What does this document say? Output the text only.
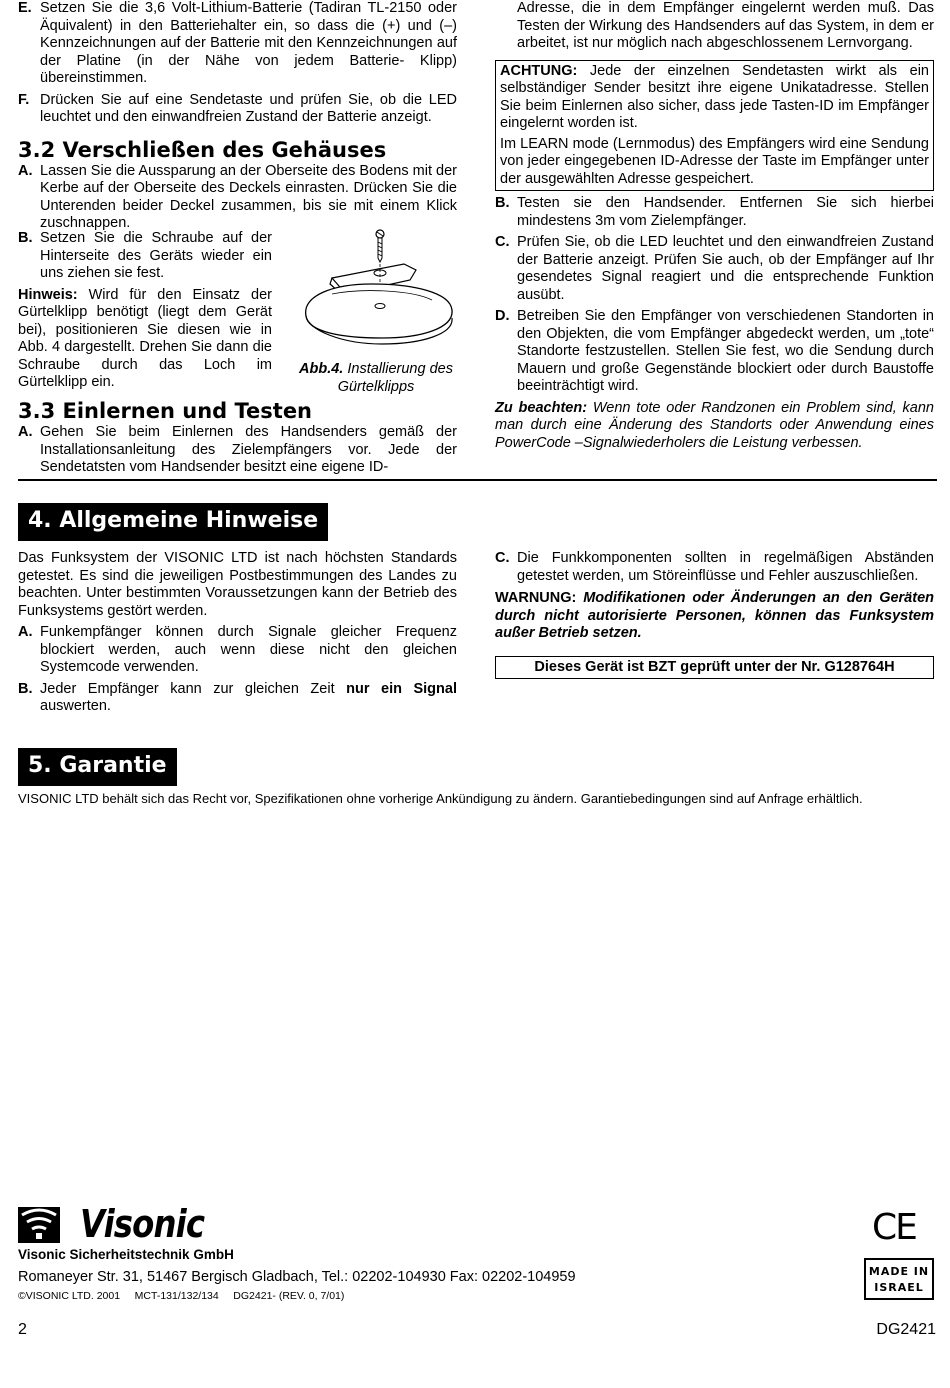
E. Setzen Sie die 3,6 Volt-Lithium-Batterie (Tadiran TL-2150 oder Äquivalent) in den Batteriehalter ein, so dass die (+) und (–) Kennzeichnungen auf der Batterie mit den Kennzeichnungen auf der Platine (in der Nähe von jedem Batterie- Klipp) übereinstimmen.
F. Drücken Sie auf eine Sendetaste und prüfen Sie, ob die LED leuchtet und den einwandfreien Zustand der Batterie anzeigt.
3.2 Verschließen des Gehäuses
A. Lassen Sie die Aussparung an der Oberseite des Bodens mit der Kerbe auf der Oberseite des Deckels einrasten. Drücken Sie die Unterenden beider Deckel zusammen, bis sie mit einem Klick zuschnappen.
B. Setzen Sie die Schraube auf der Hinterseite des Geräts wieder ein uns ziehen sie fest.

Hinweis: Wird für den Einsatz der Gürtelklipp benötigt (liegt dem Gerät bei), positionieren Sie diesen wie in Abb. 4 dargestellt. Drehen Sie dann die Schraube durch das Loch im Gürtelklipp ein.

Abb.4. Installierung des Gürtelklipps
3.3 Einlernen und Testen
A. Gehen Sie beim Einlernen des Handsenders gemäß der Installationsanleitung des Zielempfängers vor. Jede der Sendetatsten vom Handsender besitzt eine eigene ID-

Adresse, die in dem Empfänger eingelernt werden muß. Das Testen der Wirkung des Handsenders auf das System, in dem er arbeitet, ist nur möglich nach abgeschlossenem Lernvorgang.

ACHTUNG: Jede der einzelnen Sendetasten wirkt als ein selbständiger Sender besitzt ihre eigene Unikatadresse. Stellen Sie beim Einlernen also sicher, dass jede Tasten-ID im Empfänger eingelernt worden ist.

Im LEARN mode (Lernmodus) des Empfängers wird eine Sendung von jeder eingegebenen ID-Adresse der Taste im Empfänger unter der ausgewählten Adresse gespeichert.

B. Testen sie den Handsender. Entfernen Sie sich hierbei mindestens 3m vom Zielempfänger.
C. Prüfen Sie, ob die LED leuchtet und den einwandfreien Zustand der Batterie anzeigt. Prüfen Sie auch, ob der Empfänger auf Ihr gesendetes Signal reagiert und die entsprechende Funktion ausübt.
D. Betreiben Sie den Empfänger von verschiedenen Standorten in den Objekten, die vom Empfänger abgedeckt werden, um „tote“ Standorte festzustellen. Stellen Sie fest, wo die Sendung durch Mauern und große Gegenstände blockiert oder durch Baustoffe beeinträchtigt wird.

Zu beachten: Wenn tote oder Randzonen ein Problem sind, kann man durch eine Änderung des Standorts oder Anwendung eines PowerCode –Signalwiederholers die Leistung verbessen.

4. Allgemeine Hinweise

Das Funksystem der VISONIC LTD ist nach höchsten Standards getestet. Es sind die jeweiligen Postbestimmungen des Landes zu beachten. Unter bestimmten Voraussetzungen kann der Betrieb des Funksystems gestört werden.

A. Funkempfänger können durch Signale gleicher Frequenz blockiert werden, auch wenn diese nicht den gleichen Systemcode verwenden.
B. Jeder Empfänger kann zur gleichen Zeit nur ein Signal auswerten.
C. Die Funkkomponenten sollten in regelmäßigen Abständen getestet werden, um Störeinflüsse und Fehler auszuschließen.

WARNUNG: Modifikationen oder Änderungen an den Geräten durch nicht autorisierte Personen, können das Funksystem außer Betrieb setzen.

Dieses Gerät ist BZT geprüft unter der Nr. G128764H
5. Garantie

VISONIC LTD behält sich das Recht vor, Spezifikationen ohne vorherige Ankündigung zu ändern. Garantiebedingungen sind auf Anfrage erhältlich.

Visonic

Visonic Sicherheitstechnik GmbH

Romaneyer Str. 31, 51467 Bergisch Gladbach, Tel.: 02202-104930 Fax: 02202-104959

©VISONIC LTD. 2001     MCT-131/132/134     DG2421- (REV. 0, 7/01)

CE
MADE IN
ISRAEL
2	DG2421
